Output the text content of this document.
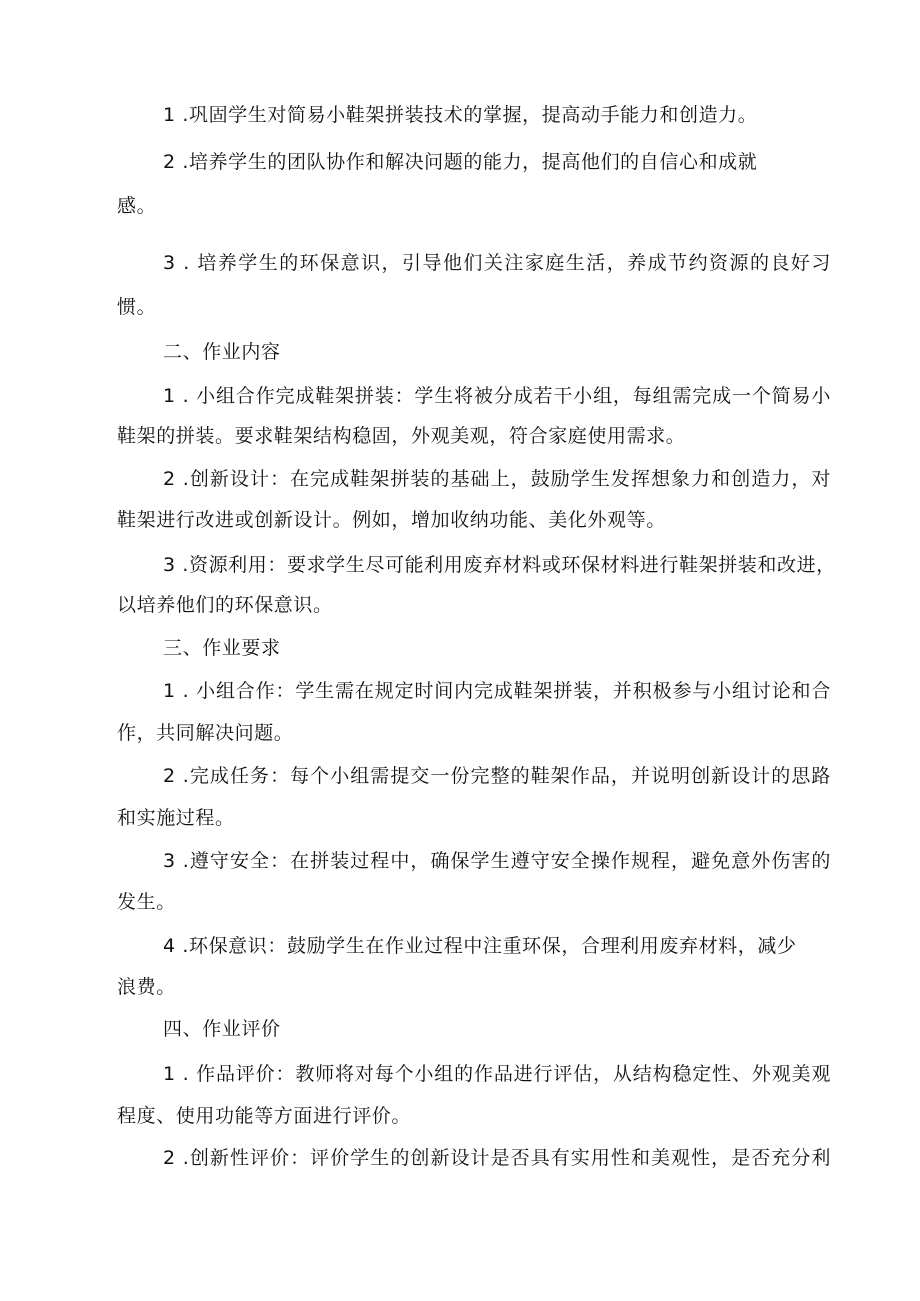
1 .巩固学生对简易小鞋架拼装技术的掌握，提高动手能力和创造力。
2 .培养学生的团队协作和解决问题的能力，提高他们的自信心和成就
感。
3 . 培养学生的环保意识，引导他们关注家庭生活，养成节约资源的良好习
惯。
二、作业内容
1 . 小组合作完成鞋架拼装：学生将被分成若干小组，每组需完成一个简易小
鞋架的拼装。要求鞋架结构稳固，外观美观，符合家庭使用需求。
2 .创新设计：在完成鞋架拼装的基础上，鼓励学生发挥想象力和创造力，对
鞋架进行改进或创新设计。例如，增加收纳功能、美化外观等。
3 .资源利用：要求学生尽可能利用废弃材料或环保材料进行鞋架拼装和改进，
以培养他们的环保意识。
三、作业要求
1 . 小组合作：学生需在规定时间内完成鞋架拼装，并积极参与小组讨论和合
作，共同解决问题。
2 .完成任务：每个小组需提交一份完整的鞋架作品，并说明创新设计的思路
和实施过程。
3 .遵守安全：在拼装过程中，确保学生遵守安全操作规程，避免意外伤害的
发生。
4 .环保意识：鼓励学生在作业过程中注重环保，合理利用废弃材料，减少
浪费。
四、作业评价
1 . 作品评价：教师将对每个小组的作品进行评估，从结构稳定性、外观美观
程度、使用功能等方面进行评价。
2 .创新性评价：评价学生的创新设计是否具有实用性和美观性，是否充分利
